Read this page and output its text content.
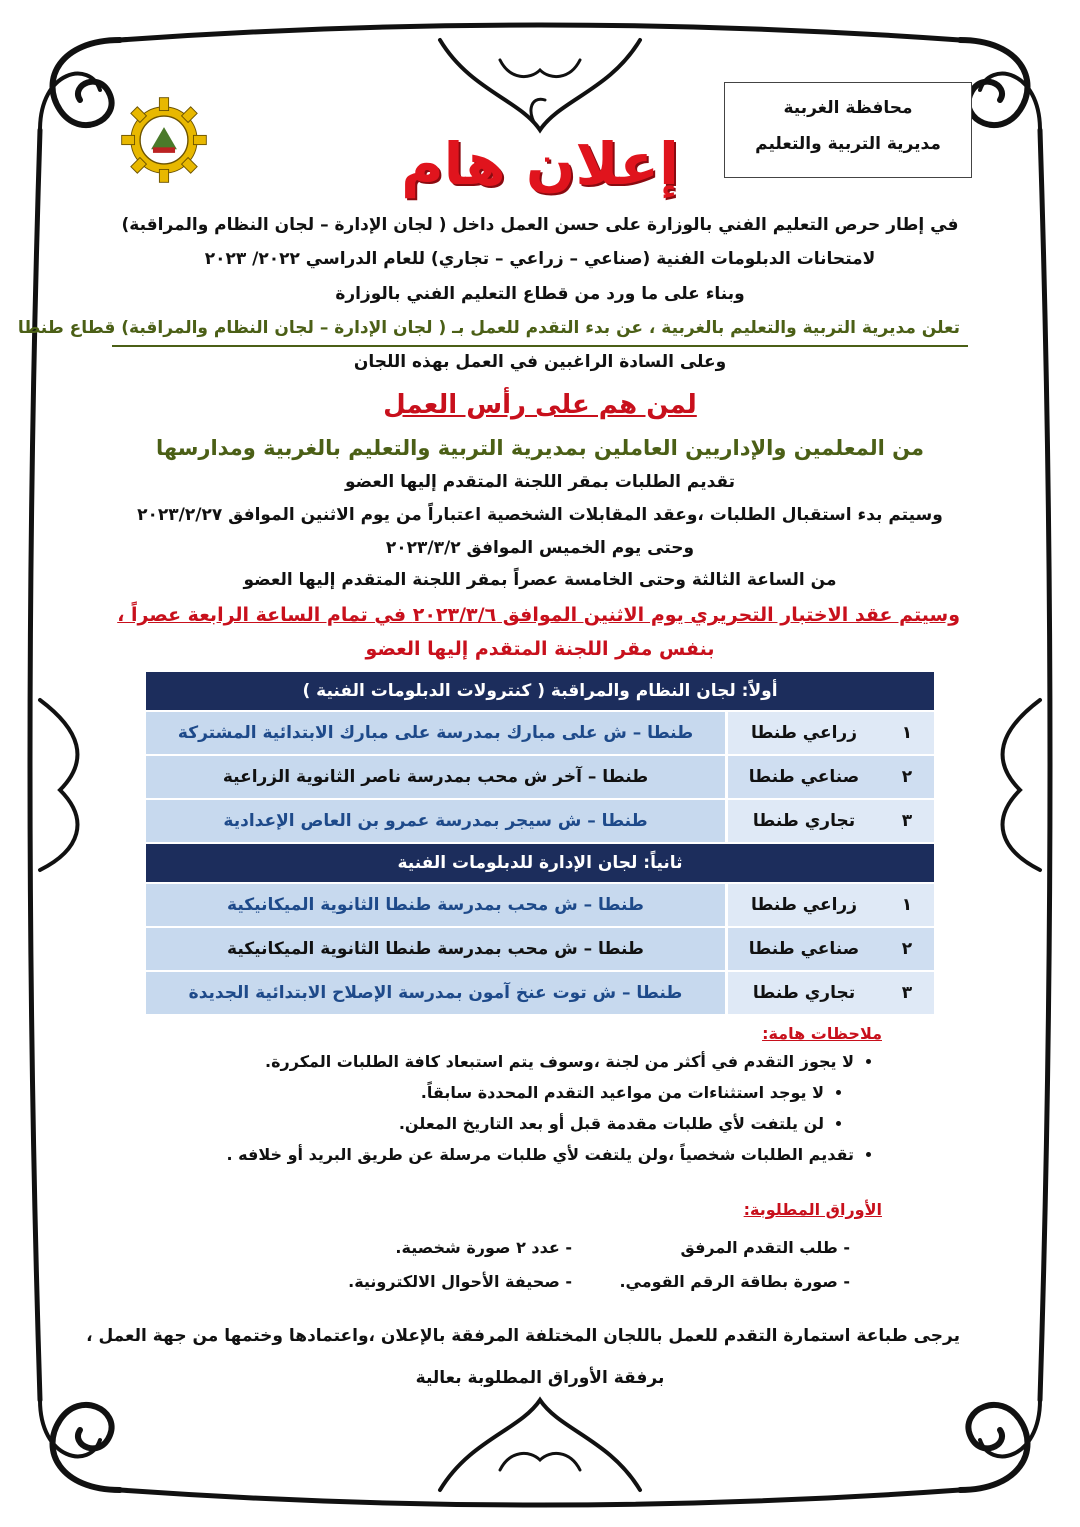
محافظة الغربية
مديرية التربية والتعليم
إعلان هام
في إطار حرص التعليم الفني بالوزارة على حسن العمل داخل ( لجان الإدارة – لجان النظام والمراقبة)
لامتحانات الدبلومات الفنية (صناعي – زراعي – تجاري) للعام الدراسي ٢٠٢٢/ ٢٠٢٣
وبناء على ما ورد من قطاع التعليم الفني بالوزارة
تعلن مديرية التربية والتعليم بالغربية ، عن بدء التقدم للعمل بـ ( لجان الإدارة – لجان النظام والمراقبة) قطاع طنطا
وعلى السادة الراغبين في العمل بهذه اللجان
لمن هم على رأس العمل
من المعلمين والإداريين العاملين بمديرية التربية والتعليم بالغربية ومدارسها
تقديم الطلبات بمقر اللجنة المتقدم إليها العضو
وسيتم بدء استقبال الطلبات ،وعقد المقابلات الشخصية اعتباراً من يوم الاثنين الموافق ٢٠٢٣/٢/٢٧
وحتى يوم الخميس الموافق ٢٠٢٣/٣/٢
من الساعة الثالثة وحتى الخامسة عصراً بمقر اللجنة المتقدم إليها العضو
وسيتم عقد الاختبار التحريري يوم الاثنين الموافق ٢٠٢٣/٣/٦ في تمام الساعة الرابعة عصراً ،
بنفس مقر اللجنة المتقدم إليها العضو
أولاً: لجان النظام والمراقبة ( كنترولات الدبلومات الفنية )		
١	زراعي طنطا	طنطا – ش على مبارك بمدرسة على مبارك الابتدائية المشتركة
٢	صناعي طنطا	طنطا – آخر ش محب بمدرسة ناصر الثانوية الزراعية
٣	تجاري طنطا	طنطا – ش سيجر بمدرسة عمرو بن العاص الإعدادية
ثانياً: لجان الإدارة للدبلومات الفنية		
١	زراعي طنطا	طنطا – ش محب بمدرسة طنطا الثانوية الميكانيكية
٢	صناعي طنطا	طنطا – ش محب بمدرسة طنطا الثانوية الميكانيكية
٣	تجاري طنطا	طنطا – ش توت عنخ آمون بمدرسة الإصلاح الابتدائية الجديدة
ملاحظات هامة:
• لا يجوز التقدم في أكثر من لجنة ،وسوف يتم استبعاد كافة الطلبات المكررة.
• لا يوجد استثناءات من مواعيد التقدم المحددة سابقاً.
• لن يلتفت لأي طلبات مقدمة قبل أو بعد التاريخ المعلن.
• تقديم الطلبات شخصياً ،ولن يلتفت لأي طلبات مرسلة عن طريق البريد أو خلافه .
الأوراق المطلوبة:
- طلب التقدم المرفق
- عدد ٢ صورة شخصية.
- صورة بطاقة الرقم القومي.
- صحيفة الأحوال الالكترونية.
يرجى طباعة استمارة التقدم للعمل باللجان المختلفة المرفقة بالإعلان ،واعتمادها وختمها من جهة العمل ،
برفقة الأوراق المطلوبة بعالية
